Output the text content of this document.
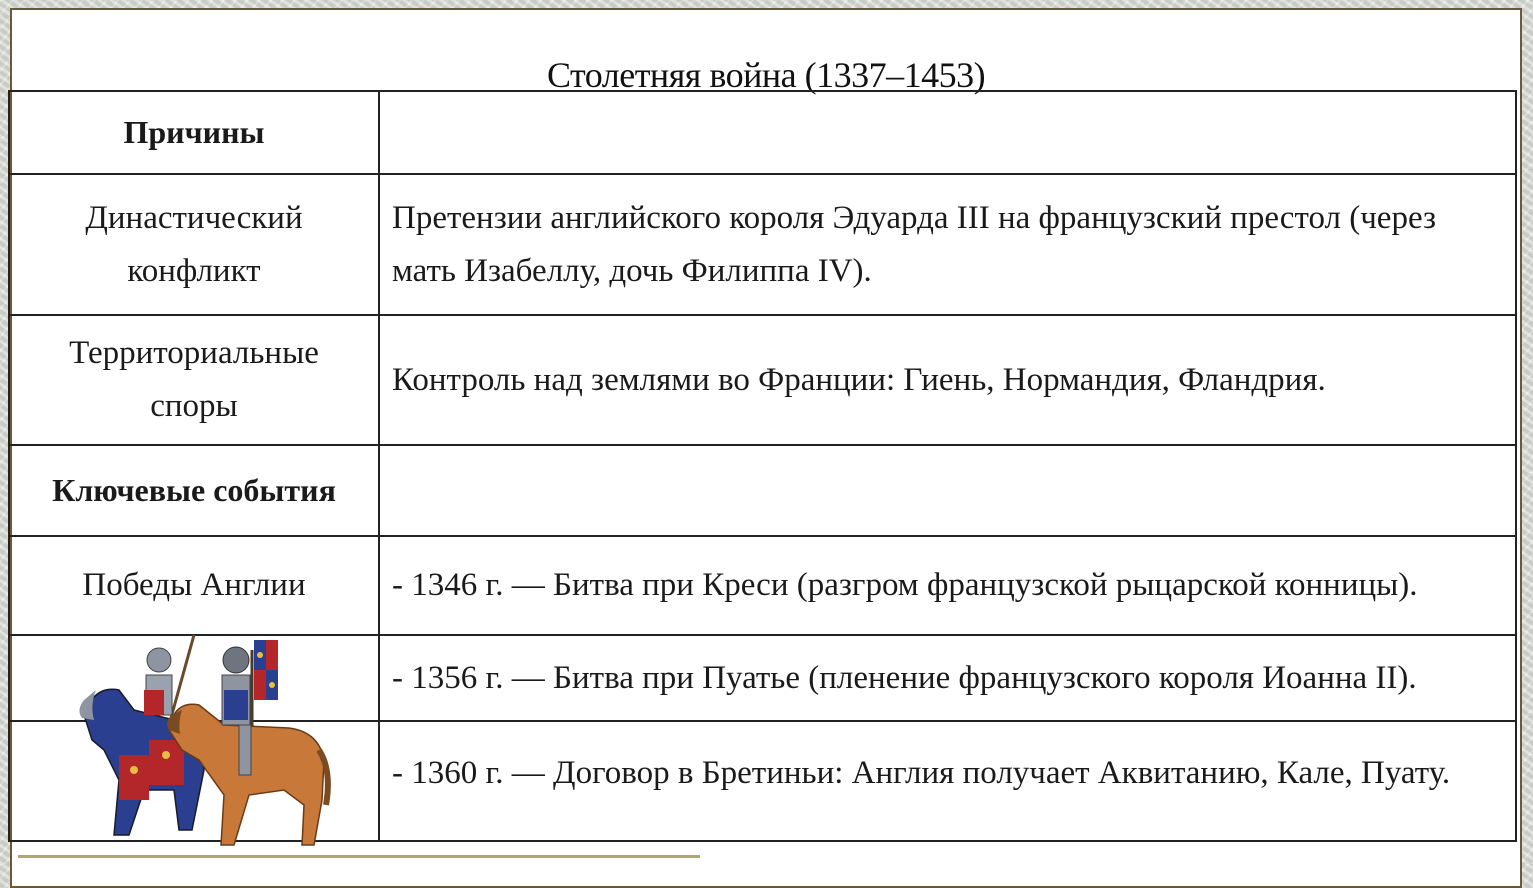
Столетняя война (1337–1453)
Причины	
Династический конфликт	Претензии английского короля Эдуарда III на французский престол (через мать Изабеллу, дочь Филиппа IV).
Территориальные споры	Контроль над землями во Франции: Гиень, Нормандия, Фландрия.
Ключевые события	
Победы Англии	- 1346 г. — Битва при Креси (разгром французской рыцарской конницы).
	- 1356 г. — Битва при Пуатье (пленение французского короля Иоанна II).
	- 1360 г. — Договор в Бретиньи: Англия получает Аквитанию, Кале, Пуату.
